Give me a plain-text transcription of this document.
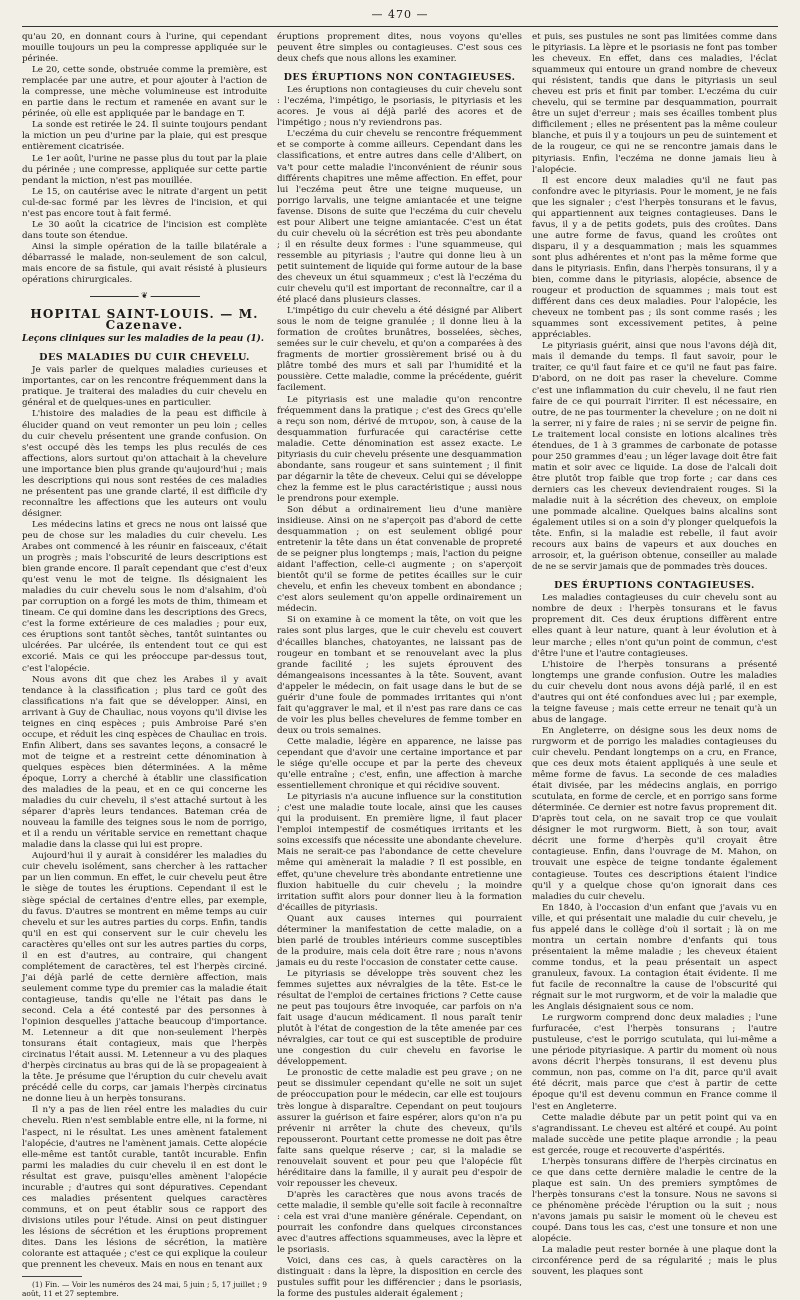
— 470 —

qu'au 20, en donnant cours à l'urine, qui cependant mouille toujours un peu la compresse appliquée sur le périnée.

Le 20, cette sonde, obstruée comme la première, est remplacée par une autre, et pour ajouter à l'action de la compresse, une mèche volumineuse est introduite en partie dans le rectum et ramenée en avant sur le périnée, où elle est appliquée par le bandage en T.

La sonde est retirée le 24. Il suinte toujours pendant la miction un peu d'urine par la plaie, qui est presque entièrement cicatrisée.

Le 1er août, l'urine ne passe plus du tout par la plaie du périnée ; une compresse, appliquée sur cette partie pendant la miction, n'est pas mouillée.

Le 15, on cautérise avec le nitrate d'argent un petit cul-de-sac formé par les lèvres de l'incision, et qui n'est pas encore tout à fait fermé.

Le 30 août la cicatrice de l'incision est complète dans toute son étendue.

Ainsi la simple opération de la taille bilatérale a débarrassé le malade, non-seulement de son calcul, mais encore de sa fistule, qui avait résisté à plusieurs opérations chirurgicales.

❦
HOPITAL SAINT-LOUIS. — M. Cazenave.
Leçons cliniques sur les maladies de la peau (1).
DES MALADIES DU CUIR CHEVELU.

Je vais parler de quelques maladies curieuses et importantes, car on les rencontre fréquemment dans la pratique. Je traiterai des maladies du cuir chevelu en général et de quelques-unes en particulier.

L'histoire des maladies de la peau est difficile à élucider quand on veut remonter un peu loin ; celles du cuir chevelu présentent une grande confusion. On s'est occupé dès les temps les plus reculés de ces affections, alors surtout qu'on attachait à la chevelure une importance bien plus grande qu'aujourd'hui ; mais les descriptions qui nous sont restées de ces maladies ne présentent pas une grande clarté, il est difficile d'y reconnaître les affections que les auteurs ont voulu désigner.

Les médecins latins et grecs ne nous ont laissé que peu de chose sur les maladies du cuir chevelu. Les Arabes ont commencé à les réunir en faisceaux, c'était un progrès ; mais l'obscurité de leurs descriptions est bien grande encore. Il paraît cependant que c'est d'eux qu'est venu le mot de teigne. Ils désignaient les maladies du cuir chevelu sous le nom d'alsahim, d'où par corruption on a forgé les mots de thim, thimeam et tineam. Ce qui domine dans les descriptions des Grecs, c'est la forme extérieure de ces maladies ; pour eux, ces éruptions sont tantôt sèches, tantôt suintantes ou ulcérées. Par ulcérée, ils entendent tout ce qui est excorié. Mais ce qui les préoccupe par-dessus tout, c'est l'alopécie.

Nous avons dit que chez les Arabes il y avait tendance à la classification ; plus tard ce goût des classifications n'a fait que se développer. Ainsi, en arrivant à Guy de Chauliac, nous voyons qu'il divise les teignes en cinq espèces ; puis Ambroise Paré s'en occupe, et réduit les cinq espèces de Chauliac en trois. Enfin Alibert, dans ses savantes leçons, a consacré le mot de teigne et a restreint cette dénomination à quelques espèces bien déterminées. A la même époque, Lorry a cherché à établir une classification des maladies de la peau, et en ce qui concerne les maladies du cuir chevelu, il s'est attaché surtout à les séparer d'après leurs tendances. Bateman créa de nouveau la famille des teignes sous le nom de porrigo, et il a rendu un véritable service en remettant chaque maladie dans la classe qui lui est propre.

Aujourd'hui il y aurait à considérer les maladies du cuir chevelu isolément, sans chercher à les rattacher par un lien commun. En effet, le cuir chevelu peut être le siège de toutes les éruptions. Cependant il est le siège spécial de certaines d'entre elles, par exemple, du favus. D'autres se montrent en même temps au cuir chevelu et sur les autres parties du corps. Enfin, tandis qu'il en est qui conservent sur le cuir chevelu les caractères qu'elles ont sur les autres parties du corps, il en est d'autres, au contraire, qui changent complétement de caractères, tel est l'herpès circiné. J'ai déjà parlé de cette dernière affection, mais seulement comme type du premier cas la maladie était contagieuse, tandis qu'elle ne l'était pas dans le second. Cela a été contesté par des personnes à l'opinion desquelles j'attache beaucoup d'importance. M. Letenneur a dit que non-seulement l'herpès tonsurans était contagieux, mais que l'herpès circinatus l'était aussi. M. Letenneur a vu des plaques d'herpès circinatus au bras qui de là se propageaient à la tête. Je présume que l'éruption du cuir chevelu avait précédé celle du corps, car jamais l'herpès circinatus ne donne lieu à un herpès tonsurans.

Il n'y a pas de lien réel entre les maladies du cuir chevelu. Rien n'est semblable entre elle, ni la forme, ni l'aspect, ni le résultat. Les unes amènent fatalement l'alopécie, d'autres ne l'amènent jamais. Cette alopécie elle-même est tantôt curable, tantôt incurable. Enfin parmi les maladies du cuir chevelu il en est dont le résultat est grave, puisqu'elles amènent l'alopécie incurable ; d'autres qui sont dépuratives. Cependant ces maladies présentent quelques caractères communs, et on peut établir sous ce rapport des divisions utiles pour l'étude. Ainsi on peut distinguer les lésions de sécrétion et les éruptions proprement dites. Dans les lésions de sécrétion, la matière colorante est attaquée ; c'est ce qui explique la couleur que prennent les cheveux. Mais en nous en tenant aux

(1) Fin. — Voir les numéros des 24 mai, 5 juin ; 5, 17 juillet ; 9 août, 11 et 27 septembre.

éruptions proprement dites, nous voyons qu'elles peuvent être simples ou contagieuses. C'est sous ces deux chefs que nous allons les examiner.

DES ÉRUPTIONS NON CONTAGIEUSES.

Les éruptions non contagieuses du cuir chevelu sont : l'eczéma, l'impétigo, le psoriasis, le pityriasis et les acores. Je vous ai déjà parlé des acores et de l'impétigo ; nous n'y reviendrons pas.

L'eczéma du cuir chevelu se rencontre fréquemment et se comporte à comme ailleurs. Cependant dans les classifications, et entre autres dans celle d'Alibert, on va't pour cette maladie l'inconvénient de réunir sous différents chapitres une même affection. En effet, pour lui l'eczéma peut être une teigne muqueuse, un porrigo larvalis, une teigne amiantacée et une teigne favense. Disons de suite que l'eczéma du cuir chevelu est pour Alibert une teigne amiantacée. C'est un état du cuir chevelu où la sécrétion est très peu abondante ; il en résulte deux formes : l'une squammeuse, qui ressemble au pityriasis ; l'autre qui donne lieu à un petit suintement de liquide qui forme autour de la base des cheveux un étui squammeux ; c'est là l'eczéma du cuir chevelu qu'il est important de reconnaître, car il a été placé dans plusieurs classes.

L'impétigo du cuir chevelu a été désigné par Alibert sous le nom de teigne granulée ; il donne lieu à la formation de croûtes brunâtres, bosselées, sèches, semées sur le cuir chevelu, et qu'on a comparées à des fragments de mortier grossièrement brisé ou à du plâtre tombé des murs et sali par l'humidité et la poussière. Cette maladie, comme la précédente, guérit facilement.

Le pityriasis est une maladie qu'on rencontre fréquemment dans la pratique ; c'est des Grecs qu'elle a reçu son nom, dérivé de πιτυρον, son, à cause de la desquammation furfuracée qui caractérise cette maladie. Cette dénomination est assez exacte. Le pityriasis du cuir chevelu présente une desquammation abondante, sans rougeur et sans suintement ; il finit par dégarnir la tête de cheveux. Celui qui se développe chez la femme est le plus caractéristique ; aussi nous le prendrons pour exemple.

Son début a ordinairement lieu d'une manière insidieuse. Ainsi on ne s'aperçoit pas d'abord de cette desquammation ; on est seulement obligé pour entretenir la tête dans un état convenable de propreté de se peigner plus longtemps ; mais, l'action du peigne aidant l'affection, celle-ci augmente ; on s'aperçoit bientôt qu'il se forme de petites écailles sur le cuir chevelu, et enfin les cheveux tombent en abondance ; c'est alors seulement qu'on appelle ordinairement un médecin.

Si on examine à ce moment la tête, on voit que les raies sont plus larges, que le cuir chevelu est couvert d'écailles blanches, chatoyantes, ne laissant pas de rougeur en tombant et se renouvelant avec la plus grande facilité ; les sujets éprouvent des démangeaisons incessantes à la tête. Souvent, avant d'appeler le médecin, on fait usage dans le but de se guérir d'une foule de pommades irritantes qui n'ont fait qu'aggraver le mal, et il n'est pas rare dans ce cas de voir les plus belles chevelures de femme tomber en deux ou trois semaines.

Cette maladie, légère en apparence, ne laisse pas cependant que d'avoir une certaine importance et par le siége qu'elle occupe et par la perte des cheveux qu'elle entraîne ; c'est, enfin, une affection à marche essentiellement chronique et qui récidive souvent.

Le pityriasis n'a aucune influence sur la constitution ; c'est une maladie toute locale, ainsi que les causes qui la produisent. En première ligne, il faut placer l'emploi intempestif de cosmétiques irritants et les soins excessifs que nécessite une abondante chevelure. Mais ne serait-ce pas l'abondance de cette chevelure même qui amènerait la maladie ? Il est possible, en effet, qu'une chevelure très abondante entretienne une fluxion habituelle du cuir chevelu ; la moindre irritation suffit alors pour donner lieu à la formation d'écailles de pityriasis.

Quant aux causes internes qui pourraient déterminer la manifestation de cette maladie, on a bien parlé de troubles intérieurs comme susceptibles de la produire, mais cela doit être rare ; nous n'avons jamais eu du reste l'occasion de constater cette cause.

Le pityriasis se développe très souvent chez les femmes sujettes aux névralgies de la tête. Est-ce le résultat de l'emploi de certaines frictions ? Cette cause ne peut pas toujours être invoquée, car parfois on n'a fait usage d'aucun médicament. Il nous paraît tenir plutôt à l'état de congestion de la tête amenée par ces névralgies, car tout ce qui est susceptible de produire une congestion du cuir chevelu en favorise le développement.

Le pronostic de cette maladie est peu grave ; on ne peut se dissimuler cependant qu'elle ne soit un sujet de préoccupation pour le médecin, car elle est toujours très longue à disparaître. Cependant on peut toujours assurer la guérison et faire espérer, alors qu'on n'a pu prévenir ni arrêter la chute des cheveux, qu'ils repousseront. Pourtant cette promesse ne doit pas être faite sans quelque réserve ; car, si la maladie se renouvelait souvent et pour peu que l'alopécie fût héréditaire dans la famille, il y aurait peu d'espoir de voir repousser les cheveux.

D'après les caractères que nous avons tracés de cette maladie, il semble qu'elle soit facile à reconnaître : cela est vrai d'une manière générale. Cependant, on pourrait les confondre dans quelques circonstances avec d'autres affections squammeuses, avec la lèpre et le psoriasis.

Voici, dans ces cas, à quels caractères on la distinguait : dans la lèpre, la disposition en cercle des pustules suffit pour les différencier ; dans le psoriasis, la forme des pustules aiderait également ;

et puis, ses pustules ne sont pas limitées comme dans le pityriasis. La lèpre et le psoriasis ne font pas tomber les cheveux. En effet, dans ces maladies, l'éclat squammeux qui entoure un grand nombre de cheveux qui résistent, tandis que dans le pityriasis un seul cheveu est pris et finit par tomber. L'eczéma du cuir chevelu, qui se termine par desquammation, pourrait être un sujet d'erreur ; mais ses écailles tombent plus difficilement ; elles ne présentent pas la même couleur blanche, et puis il y a toujours un peu de suintement et de la rougeur, ce qui ne se rencontre jamais dans le pityriasis. Enfin, l'eczéma ne donne jamais lieu à l'alopécie.

Il est encore deux maladies qu'il ne faut pas confondre avec le pityriasis. Pour le moment, je ne fais que les signaler ; c'est l'herpès tonsurans et le favus, qui appartiennent aux teignes contagieuses. Dans le favus, il y a de petits godets, puis des croûtes. Dans une autre forme de favus, quand les croûtes ont disparu, il y a desquammation ; mais les squammes sont plus adhérentes et n'ont pas la même forme que dans le pityriasis. Enfin, dans l'herpès tonsurans, il y a bien, comme dans le pityriasis, alopécie, absence de rougeur et production de squammes ; mais tout est différent dans ces deux maladies. Pour l'alopécie, les cheveux ne tombent pas ; ils sont comme rasés ; les squammes sont excessivement petites, à peine appréciables.

Le pityriasis guérit, ainsi que nous l'avons déjà dit, mais il demande du temps. Il faut savoir, pour le traiter, ce qu'il faut faire et ce qu'il ne faut pas faire. D'abord, on ne doit pas raser la chevelure. Comme c'est une inflammation du cuir chevelu, il ne faut rien faire de ce qui pourrait l'irriter. Il est nécessaire, en outre, de ne pas tourmenter la chevelure ; on ne doit ni la serrer, ni y faire de raies ; ni se servir de peigne fin. Le traitement local consiste en lotions alcalines très étendues, de 1 à 3 grammes de carbonate de potasse pour 250 grammes d'eau ; un léger lavage doit être fait matin et soir avec ce liquide. La dose de l'alcali doit être plutôt trop faible que trop forte ; car dans ces derniers cas les cheveux deviendraient rouges. Si la maladie nuit à la sécrétion des cheveux, on emploie une pommade alcaline. Quelques bains alcalins sont également utiles si on a soin d'y plonger quelquefois la tête. Enfin, si la maladie est rebelle, il faut avoir recours aux bains de vapeurs et aux douches en arrosoir, et, la guérison obtenue, conseiller au malade de ne se servir jamais que de pommades très douces.

DES ÉRUPTIONS CONTAGIEUSES.

Les maladies contagieuses du cuir chevelu sont au nombre de deux : l'herpès tonsurans et le favus proprement dit. Ces deux éruptions diffèrent entre elles quant à leur nature, quant à leur évolution et à leur marche ; elles n'ont qu'un point de commun, c'est d'être l'une et l'autre contagieuses.

L'histoire de l'herpès tonsurans a présenté longtemps une grande confusion. Outre les maladies du cuir chevelu dont nous avons déjà parlé, il en est d'autres qui ont été confondues avec lui ; par exemple, la teigne faveuse ; mais cette erreur ne tenait qu'à un abus de langage.

En Angleterre, on désigne sous les deux noms de rurgworm et de porrigo les maladies contagieuses du cuir chevelu. Pendant longtemps on a cru, en France, que ces deux mots étaient appliqués à une seule et même forme de favus. La seconde de ces maladies était divisée, par les médecins anglais, en porrigo scutulata, en forme de cercle, et en porrigo sans forme déterminée. Ce dernier est notre favus proprement dit. D'après tout cela, on ne savait trop ce que voulait désigner le mot rurgworm. Biett, à son tour, avait décrit une forme d'herpès qu'il croyait être contagieuse. Enfin, dans l'ouvrage de M. Mahon, on trouvait une espèce de teigne tondante également contagieuse. Toutes ces descriptions étaient l'indice qu'il y a quelque chose qu'on ignorait dans ces maladies du cuir chevelu.

En 1840, à l'occasion d'un enfant que j'avais vu en ville, et qui présentait une maladie du cuir chevelu, je fus appelé dans le collège d'où il sortait ; là on me montra un certain nombre d'enfants qui tous présentaient la même maladie ; les cheveux étaient comme tondus, et la peau présentait un aspect granuleux, favoux. La contagion était évidente. Il me fut facile de reconnaître la cause de l'obscurité qui régnait sur le mot rurgworm, et de voir la maladie que les Anglais désignaient sous ce nom.

Le rurgworm comprend donc deux maladies ; l'une furfuracée, c'est l'herpès tonsurans ; l'autre pustuleuse, c'est le porrigo scutulata, qui lui-même a une période pityriasique. A partir du moment où nous avons décrit l'herpès tonsurans, il est devenu plus commun, non pas, comme on l'a dit, parce qu'il avait été décrit, mais parce que c'est à partir de cette époque qu'il est devenu commun en France comme il l'est en Angleterre.

Cette maladie débute par un petit point qui va en s'agrandissant. Le cheveu est altéré et coupé. Au point malade succède une petite plaque arrondie ; la peau est gercée, rouge et recouverte d'aspérités.

L'herpès tonsurans diffère de l'herpès circinatus en ce que dans cette dernière maladie le centre de la plaque est sain. Un des premiers symptômes de l'herpès tonsurans c'est la tonsure. Nous ne savons si ce phénomène précède l'éruption ou la suit ; nous n'avons jamais pu saisir le moment où le cheveu est coupé. Dans tous les cas, c'est une tonsure et non une alopécie.

La maladie peut rester bornée à une plaque dont la circonférence perd de sa régularité ; mais le plus souvent, les plaques sont
